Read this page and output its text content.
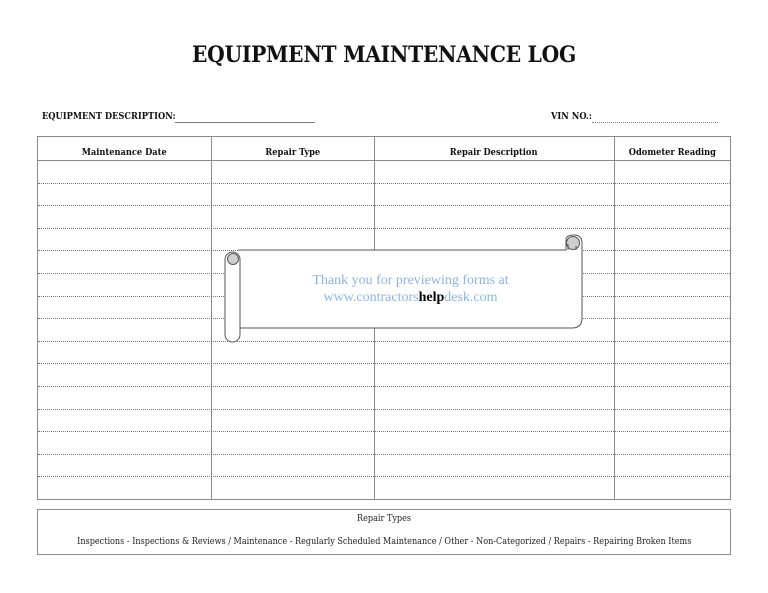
EQUIPMENT MAINTENANCE LOG
EQUIPMENT DESCRIPTION:	VIN NO.:
Maintenance Date	Repair Type	Repair Description	Odometer Reading
Thank you for previewing forms at
www.contractorshelpdesk.com
Repair Types
Inspections - Inspections & Reviews / Maintenance - Regularly Scheduled Maintenance / Other - Non-Categorized / Repairs - Repairing Broken Items
